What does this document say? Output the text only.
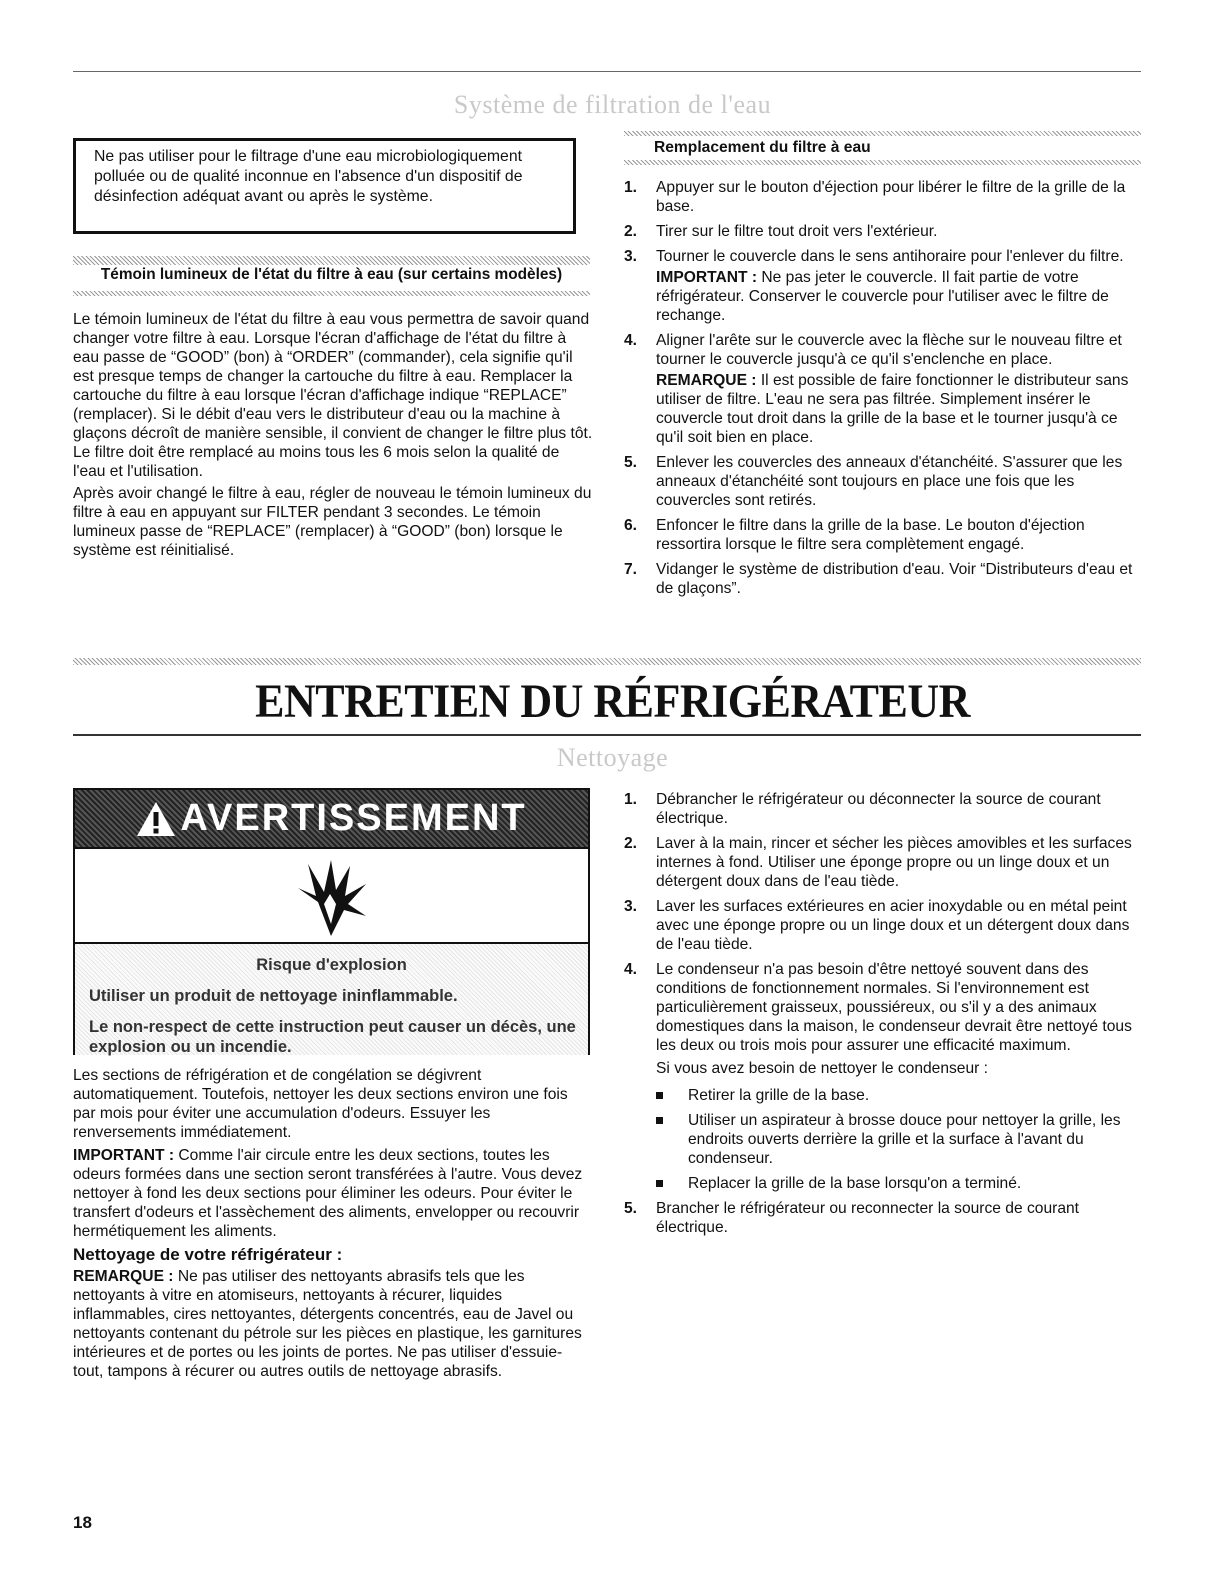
Système de filtration de l'eau
Ne pas utiliser pour le filtrage d'une eau microbiologiquement polluée ou de qualité inconnue en l'absence d'un dispositif de désinfection adéquat avant ou après le système.
Témoin lumineux de l'état du filtre à eau (sur certains modèles)

Le témoin lumineux de l'état du filtre à eau vous permettra de savoir quand changer votre filtre à eau. Lorsque l'écran d'affichage de l'état du filtre à eau passe de “GOOD” (bon) à “ORDER” (commander), cela signifie qu'il est presque temps de changer la cartouche du filtre à eau. Remplacer la cartouche du filtre à eau lorsque l'écran d'affichage indique “REPLACE” (remplacer). Si le débit d'eau vers le distributeur d'eau ou la machine à glaçons décroît de manière sensible, il convient de changer le filtre plus tôt. Le filtre doit être remplacé au moins tous les 6 mois selon la qualité de l'eau et l'utilisation.

Après avoir changé le filtre à eau, régler de nouveau le témoin lumineux du filtre à eau en appuyant sur FILTER pendant 3 secondes. Le témoin lumineux passe de “REPLACE” (remplacer) à “GOOD” (bon) lorsque le système est réinitialisé.

Remplacement du filtre à eau
1. Appuyer sur le bouton d'éjection pour libérer le filtre de la grille de la base.
2. Tirer sur le filtre tout droit vers l'extérieur.
3. Tourner le couvercle dans le sens antihoraire pour l'enlever du filtre.

IMPORTANT : Ne pas jeter le couvercle. Il fait partie de votre réfrigérateur. Conserver le couvercle pour l'utiliser avec le filtre de rechange.

4. Aligner l'arête sur le couvercle avec la flèche sur le nouveau filtre et tourner le couvercle jusqu'à ce qu'il s'enclenche en place.

REMARQUE : Il est possible de faire fonctionner le distributeur sans utiliser de filtre. L'eau ne sera pas filtrée. Simplement insérer le couvercle tout droit dans la grille de la base et le tourner jusqu'à ce qu'il soit bien en place.

5. Enlever les couvercles des anneaux d'étanchéité. S'assurer que les anneaux d'étanchéité sont toujours en place une fois que les couvercles sont retirés.
6. Enfoncer le filtre dans la grille de la base. Le bouton d'éjection ressortira lorsque le filtre sera complètement engagé.
7. Vidanger le système de distribution d'eau. Voir “Distributeurs d'eau et de glaçons”.
ENTRETIEN DU RÉFRIGÉRATEUR
Nettoyage
AVERTISSEMENT
Risque d'explosion
Utiliser un produit de nettoyage ininflammable.
Le non-respect de cette instruction peut causer un décès, une explosion ou un incendie.

Les sections de réfrigération et de congélation se dégivrent automatiquement. Toutefois, nettoyer les deux sections environ une fois par mois pour éviter une accumulation d'odeurs. Essuyer les renversements immédiatement.

IMPORTANT : Comme l'air circule entre les deux sections, toutes les odeurs formées dans une section seront transférées à l'autre. Vous devez nettoyer à fond les deux sections pour éliminer les odeurs. Pour éviter le transfert d'odeurs et l'assèchement des aliments, envelopper ou recouvrir hermétiquement les aliments.

Nettoyage de votre réfrigérateur :

REMARQUE : Ne pas utiliser des nettoyants abrasifs tels que les nettoyants à vitre en atomiseurs, nettoyants à récurer, liquides inflammables, cires nettoyantes, détergents concentrés, eau de Javel ou nettoyants contenant du pétrole sur les pièces en plastique, les garnitures intérieures et de portes ou les joints de portes. Ne pas utiliser d'essuie-tout, tampons à récurer ou autres outils de nettoyage abrasifs.

1. Débrancher le réfrigérateur ou déconnecter la source de courant électrique.
2. Laver à la main, rincer et sécher les pièces amovibles et les surfaces internes à fond. Utiliser une éponge propre ou un linge doux et un détergent doux dans de l'eau tiède.
3. Laver les surfaces extérieures en acier inoxydable ou en métal peint avec une éponge propre ou un linge doux et un détergent doux dans de l'eau tiède.
4. Le condenseur n'a pas besoin d'être nettoyé souvent dans des conditions de fonctionnement normales. Si l'environnement est particulièrement graisseux, poussiéreux, ou s'il y a des animaux domestiques dans la maison, le condenseur devrait être nettoyé tous les deux ou trois mois pour assurer une efficacité maximum.

Si vous avez besoin de nettoyer le condenseur :

Retirer la grille de la base.
Utiliser un aspirateur à brosse douce pour nettoyer la grille, les endroits ouverts derrière la grille et la surface à l'avant du condenseur.
Replacer la grille de la base lorsqu'on a terminé.
5. Brancher le réfrigérateur ou reconnecter la source de courant électrique.
18
